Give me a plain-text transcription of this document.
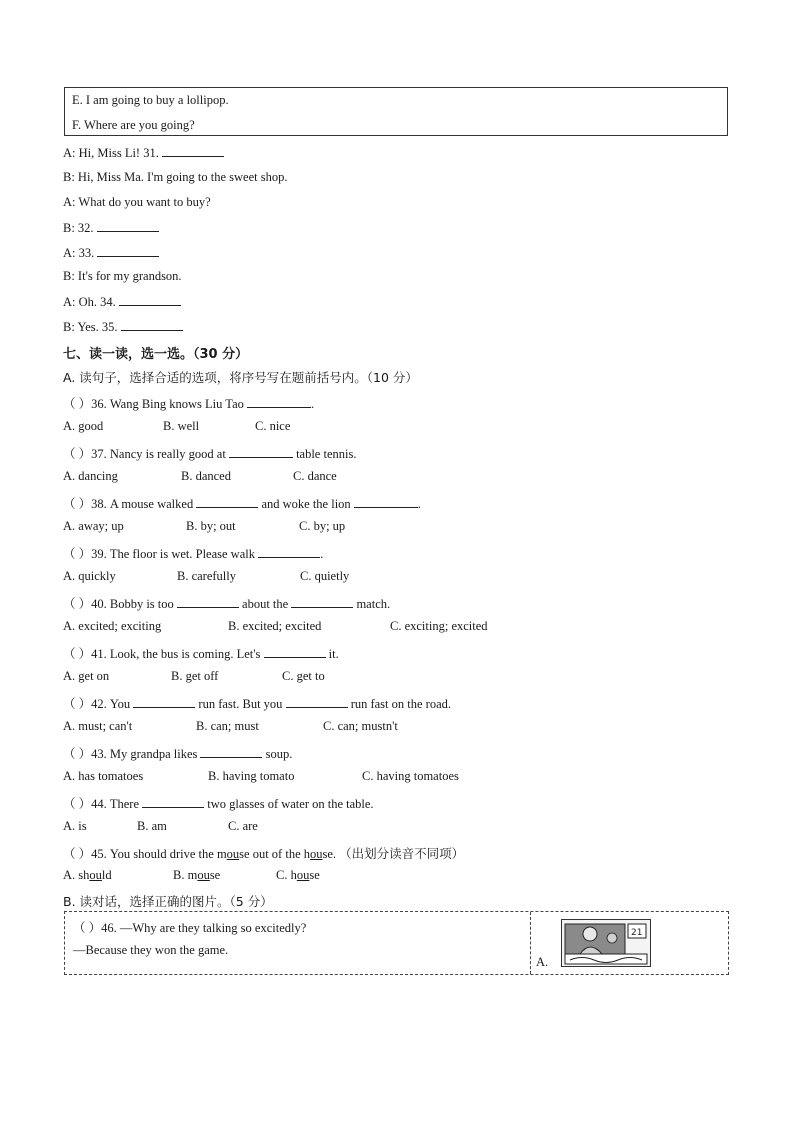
E. I am going to buy a lollipop.
F. Where are you going?
A: Hi, Miss Li! 31.
B: Hi, Miss Ma. I'm going to the sweet shop.
A: What do you want to buy?
B: 32.
A: 33.
B: It's for my grandson.
A: Oh. 34.
B: Yes. 35.
七、读一读，选一选。（30 分）
A. 读句子，选择合适的选项，将序号写在题前括号内。（10 分）
（ ）36. Wang Bing knows Liu Tao	.
A. good	B. well	C. nice
（ ）37. Nancy is really good at	table tennis.
A. dancing	B. danced	C. dance
（ ）38. A mouse walked	and woke the lion	.
A. away; up	B. by; out	C. by; up
（ ）39. The floor is wet. Please walk	.
A. quickly	B. carefully	C. quietly
（ ）40. Bobby is too	about the	match.
A. excited; exciting	B. excited; excited	C. exciting; excited
（ ）41. Look, the bus is coming. Let's	it.
A. get on	B. get off	C. get to
（ ）42. You	run fast. But you	run fast on the road.
A. must; can't	B. can; must	C. can; mustn't
（ ）43. My grandpa likes	soup.
A. has tomatoes	B. having tomato	C. having tomatoes
（ ）44. There	two glasses of water on the table.
A. is	B. am	C. are
（ ）45. You should drive the mouse out of the house. （出划分读音不同项）
A. should	B. mouse	C. house
B. 读对话，选择正确的图片。（5 分）
（ ）46. —Why are they talking so excitedly?
—Because they won the game.
A.
21
